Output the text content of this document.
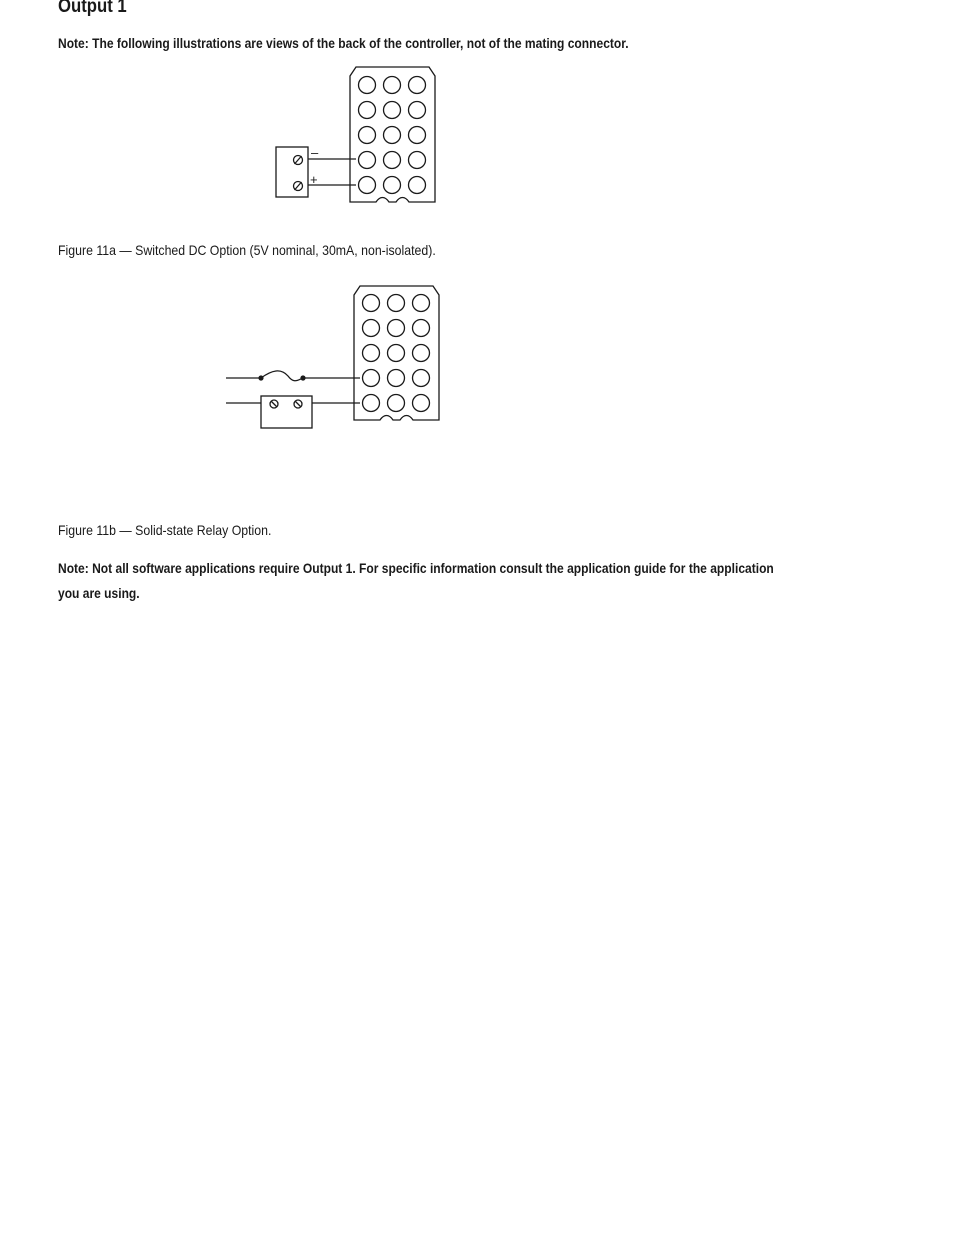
Output 1
Note: The following illustrations are views of the back of the controller, not of the mating connector.
–
+
Figure 11a — Switched DC Option (5V nominal, 30mA, non-isolated).
Figure 11b — Solid-state Relay Option.
Note: Not all software applications require Output 1. For specific information consult the application guide for the application you are using.
